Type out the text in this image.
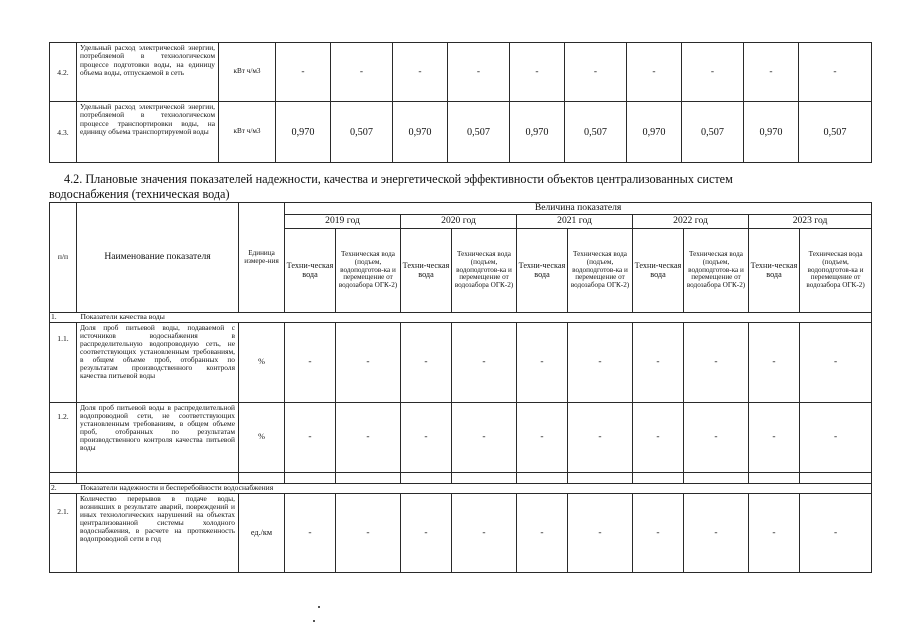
4.2.	Удельный расход электрической энергии, потребляемой в технологическом процессе подготовки воды, на единицу объема воды, отпускаемой в сеть	кВт ч/м3	-	-	-	-	-	-	-	-	-	-
4.3.	Удельный расход электрической энергии, потребляемой в технологическом процессе транспортировки воды, на единицу объема транспортируемой воды	кВт ч/м3	0,970	0,507	0,970	0,507	0,970	0,507	0,970	0,507	0,970	0,507

4.2. Плановые значения показателей надежности, качества и энергетической эффективности объектов централизованных систем

водоснабжения (техническая вода)

п/п	Наименование показателя	Единица измере-ния	Величина показателя									
			2019 год		2020 год		2021 год		2022 год		2023 год	
			Техни-ческая вода	Техническая вода (подъем, водоподготов-ка и перемещение от водозабора ОГК-2)	Техни-ческая вода	Техническая вода (подъем, водоподготов-ка и перемещение от водозабора ОГК-2)	Техни-ческая вода	Техническая вода (подъем, водоподготов-ка и перемещение от водозабора ОГК-2)	Техни-ческая вода	Техническая вода (подъем, водоподготов-ка и перемещение от водозабора ОГК-2)	Техни-ческая вода	Техническая вода (подъем, водоподготов-ка и перемещение от водозабора ОГК-2)
1.	Показатели качества воды											
1.1.	Доля проб питьевой воды, подаваемой с источников водоснабжения в распределительную водопроводную сеть, не соответствующих установленным требованиям, в общем объеме проб, отобранных по результатам производственного контроля качества питьевой воды	%	-	-	-	-	-	-	-	-	-	-
1.2.	Доля проб питьевой воды в распределительной водопроводной сети, не соответствующих установленным требованиям, в общем объеме проб, отобранных по результатам производственного контроля качества питьевой воды	%	-	-	-	-	-	-	-	-	-	-

2.	Показатели надежности и бесперебойности водоснабжения											
2.1.	Количество перерывов в подаче воды, возникших в результате аварий, повреждений и иных технологических нарушений на объектах централизованной системы холодного водоснабжения, в расчете на протяженность водопроводной сети в год	ед./км	-	-	-	-	-	-	-	-	-	-
